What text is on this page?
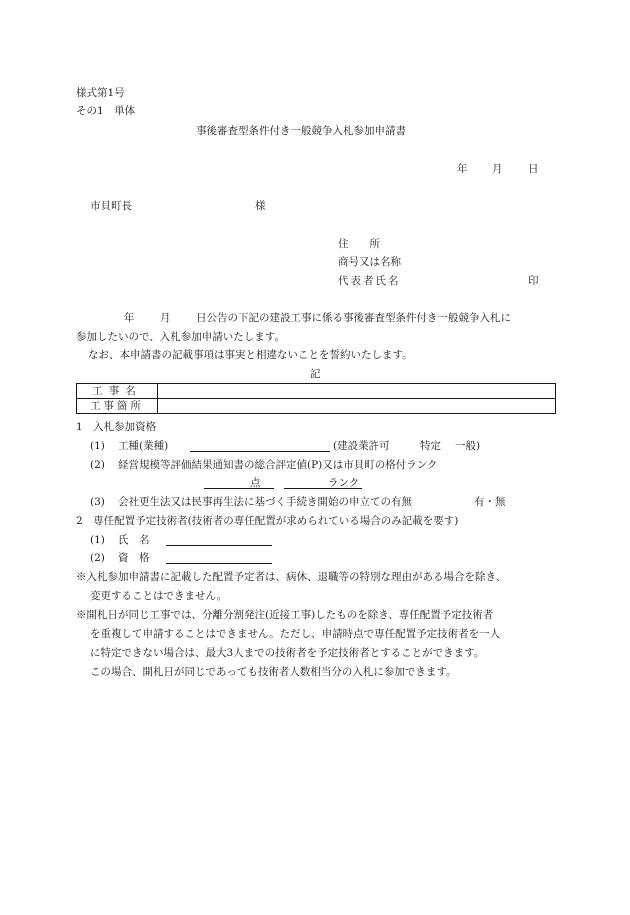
様式第1号
その1　単体
事後審査型条件付き一般競争入札参加申請書
年 月 日
市貝町長	様
住　　所
商号又は名称
代表者氏名	印
年 月 日公告の下記の建設工事に係る事後審査型条件付き一般競争入札に
参加したいので、入札参加申請いたします。
なお、本申請書の記載事項は事実と相違ないことを誓約いたします。
記
工事名	
工事箇所	
1　入札参加資格
(1) 工種(業種)	(建設業許可	特定 一般)
(2) 経営規模等評価結果通知書の総合評定値(P)又は市貝町の格付ランク
点	ランク
(3) 会社更生法又は民事再生法に基づく手続き開始の申立ての有無	有・無
2　専任配置予定技術者(技術者の専任配置が求められている場合のみ記載を要す)
(1) 氏　名
(2) 資　格
※入札参加申請書に記載した配置予定者は、病休、退職等の特別な理由がある場合を除き、
変更することはできません。
※開札日が同じ工事では、分離分割発注(近接工事)したものを除き、専任配置予定技術者
を重複して申請することはできません。ただし、申請時点で専任配置予定技術者を一人
に特定できない場合は、最大3人までの技術者を予定技術者とすることができます。
この場合、開札日が同じであっても技術者人数相当分の入札に参加できます。
